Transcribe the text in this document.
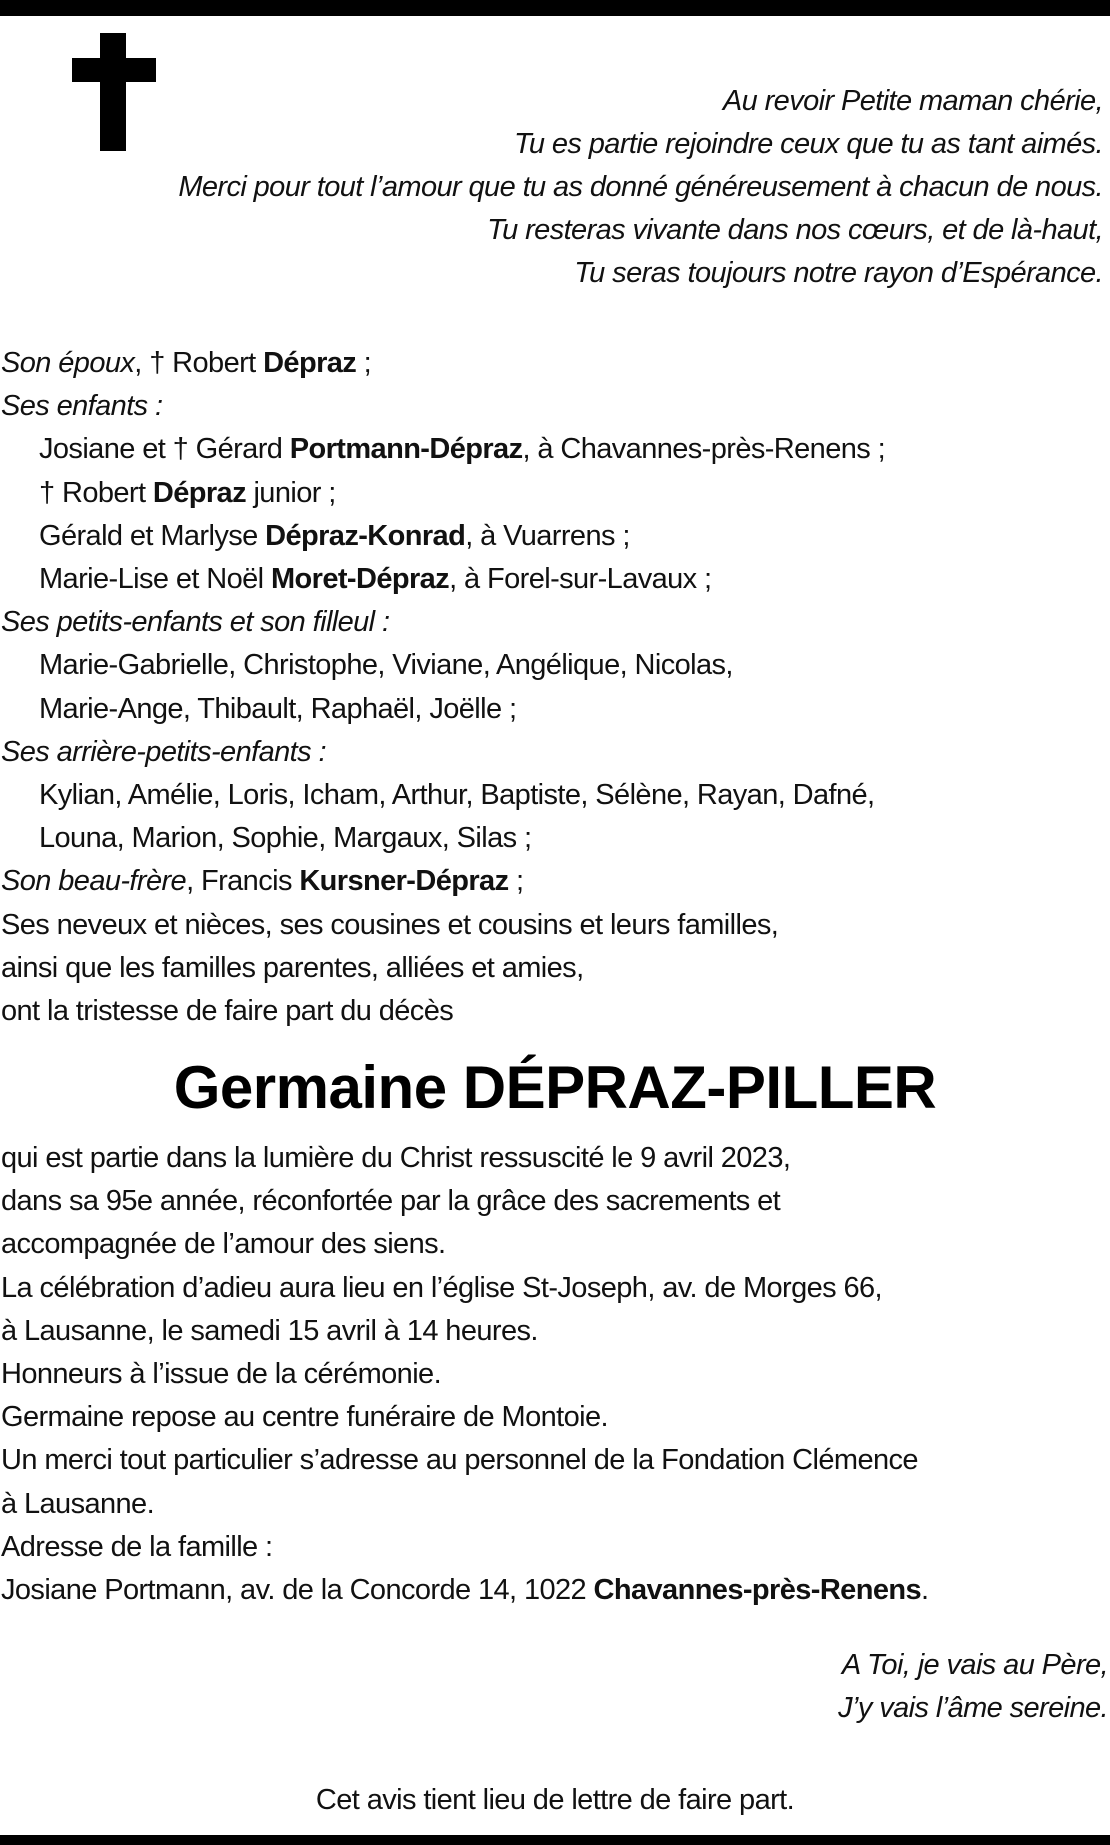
Au revoir Petite maman chérie,
Tu es partie rejoindre ceux que tu as tant aimés.
Merci pour tout l’amour que tu as donné généreusement à chacun de nous.
Tu resteras vivante dans nos cœurs, et de là-haut,
Tu seras toujours notre rayon d’Espérance.
Son époux, † Robert Dépraz ;
Ses enfants :
Josiane et † Gérard Portmann-Dépraz, à Chavannes-près-Renens ;
† Robert Dépraz junior ;
Gérald et Marlyse Dépraz-Konrad, à Vuarrens ;
Marie-Lise et Noël Moret-Dépraz, à Forel-sur-Lavaux ;
Ses petits-enfants et son filleul :
Marie-Gabrielle, Christophe, Viviane, Angélique, Nicolas,
Marie-Ange, Thibault, Raphaël, Joëlle ;
Ses arrière-petits-enfants :
Kylian, Amélie, Loris, Icham, Arthur, Baptiste, Sélène, Rayan, Dafné,
Louna, Marion, Sophie, Margaux, Silas ;
Son beau-frère, Francis Kursner-Dépraz ;
Ses neveux et nièces, ses cousines et cousins et leurs familles,
ainsi que les familles parentes, alliées et amies,
ont la tristesse de faire part du décès
Germaine DÉPRAZ-PILLER
qui est partie dans la lumière du Christ ressuscité le 9 avril 2023,
dans sa 95e année, réconfortée par la grâce des sacrements et
accompagnée de l’amour des siens.
La célébration d’adieu aura lieu en l’église St-Joseph, av. de Morges 66,
à Lausanne, le samedi 15 avril à 14 heures.
Honneurs à l’issue de la cérémonie.
Germaine repose au centre funéraire de Montoie.
Un merci tout particulier s’adresse au personnel de la Fondation Clémence
à Lausanne.
Adresse de la famille :
Josiane Portmann, av. de la Concorde 14, 1022 Chavannes-près-Renens.
A Toi, je vais au Père,
J’y vais l’âme sereine.
Cet avis tient lieu de lettre de faire part.
